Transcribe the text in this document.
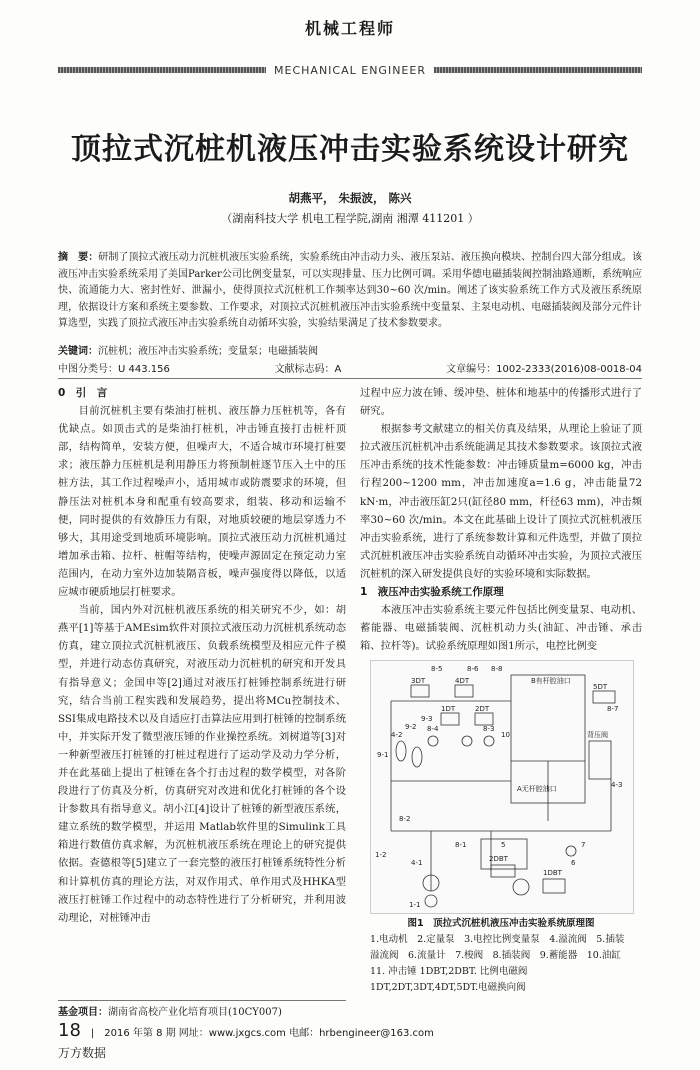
机械工程师
MECHANICAL ENGINEER
顶拉式沉桩机液压冲击实验系统设计研究
胡燕平， 朱振波， 陈兴
（湖南科技大学 机电工程学院,湖南 湘潭 411201 ）
摘　要：研制了顶拉式液压动力沉桩机液压实验系统，实验系统由冲击动力头、液压泵站、液压换向模块、控制台四大部分组成。该液压冲击实验系统采用了美国Parker公司比例变量泵，可以实现排量、压力比例可调。采用华德电磁插装阀控制油路通断，系统响应快、流通能力大、密封性好、泄漏小，使得顶拉式沉桩机工作频率达到30~60 次/min。阐述了该实验系统工作方式及液压系统原理，依据设计方案和系统主要参数、工作要求，对顶拉式沉桩机液压冲击实验系统中变量泵、主泵电动机、电磁插装阀及部分元件计算选型，实践了顶拉式液压冲击实验系统自动循环实验，实验结果满足了技术参数要求。
关键词：沉桩机；液压冲击实验系统；变量泵；电磁插装阀
中图分类号：U 443.156	文献标志码：A	文章编号：1002-2333(2016)08-0018-04

0　引　言

目前沉桩机主要有柴油打桩机、液压静力压桩机等，各有优缺点。如顶击式的是柴油打桩机，冲击锤直接打击桩杆顶部，结构简单，安装方便，但噪声大，不适合城市环境打桩要求；液压静力压桩机是利用静压力将预制桩逐节压入土中的压桩方法，其工作过程噪声小，适用城市或防震要求的环境，但静压法对桩机本身和配重有较高要求，组装、移动和运输不便，同时提供的有效静压力有限，对地质较硬的地层穿透力不够大，其用途受到地质环境影响。顶拉式液压动力沉桩机通过增加承击箱、拉杆、桩帽等结构，使噪声源固定在预定动力室范围内，在动力室外边加装隔音板，噪声强度得以降低，以适应城市硬质地层打桩要求。

当前，国内外对沉桩机液压系统的相关研究不少，如：胡燕平[1]等基于AMEsim软件对顶拉式液压动力沉桩机系统动态仿真，建立顶拉式沉桩机液压、负载系统模型及相应元件子模型，并进行动态仿真研究，对液压动力沉桩机的研究和开发具有指导意义；金国申等[2]通过对液压打桩锤控制系统进行研究，结合当前工程实践和发展趋势，提出将MCu控制技术、SSI集成电路技术以及自适应打击算法应用到打桩锤的控制系统中，并实际开发了微型液压锤的作业操控系统。刘树道等[3]对一种新型液压打桩锤的打桩过程进行了运动学及动力学分析，并在此基础上提出了桩锤在各个打击过程的数学模型，对各阶段进行了仿真及分析，仿真研究对改进和优化打桩锤的各个设计参数具有指导意义。胡小江[4]设计了桩锤的新型液压系统，建立系统的数学模型，并运用 Matlab软件里的Simulink工具箱进行数值仿真求解，为沉桩机液压系统在理论上的研究提供依据。查德根等[5]建立了一套完整的液压打桩锤系统特性分析和计算机仿真的理论方法，对双作用式、单作用式及HHKA型液压打桩锤工作过程中的动态特性进行了分析研究，并利用波动理论，对桩锤冲击

基金项目：湖南省高校产业化培育项目(10CY007)

过程中应力波在锤、缓冲垫、桩体和地基中的传播形式进行了研究。

根据参考文献建立的相关仿真及结果，从理论上验证了顶拉式液压沉桩机冲击系统能满足其技术参数要求。该顶拉式液压冲击系统的技术性能参数：冲击锤质量m=6000 kg，冲击行程200~1200 mm，冲击加速度a=1.6 g，冲击能量72 kN·m，冲击液压缸2只(缸径80 mm，杆径63 mm)，冲击频率30~60 次/min。本文在此基础上设计了顶拉式沉桩机液压冲击实验系统，进行了系统参数计算和元件选型，并做了顶拉式沉桩机液压冲击实验系统自动循环冲击实验，为顶拉式液压沉桩机的深入研发提供良好的实验环境和实际数据。

1　液压冲击实验系统工作原理

本液压冲击实验系统主要元件包括比例变量泵、电动机、蓄能器、电磁插装阀、沉桩机动力头(油缸、冲击锤、承击箱、拉杆等)。试验系统原理如图1所示，电控比例变

B有杆腔油口
A无杆腔油口
背压阀
3DT	4DT
1DT	2DT
5DT
2DBT
1DBT
8-5	8-6
8-7
4-3
9-1
8-2
8-1
1-2
4-1
5	7
6
10
1-1
8-4	8-3
4-2
9-2
9-3
8-8
图1　顶拉式沉桩机液压冲击实验系统原理图
1.电动机　2.定量泵　3.电控比例变量泵　4.溢流阀　5.插装溢流阀　6.流量计　7.梭阀　8.插装阀　9.蓄能器　10.油缸　11. 冲击锤 1DBT,2DBT. 比例电磁阀 1DT,2DT,3DT,4DT,5DT.电磁换向阀
18 | 2016 年第 8 期 网址：www.jxgcs.com 电邮：hrbengineer@163.com
万方数据
